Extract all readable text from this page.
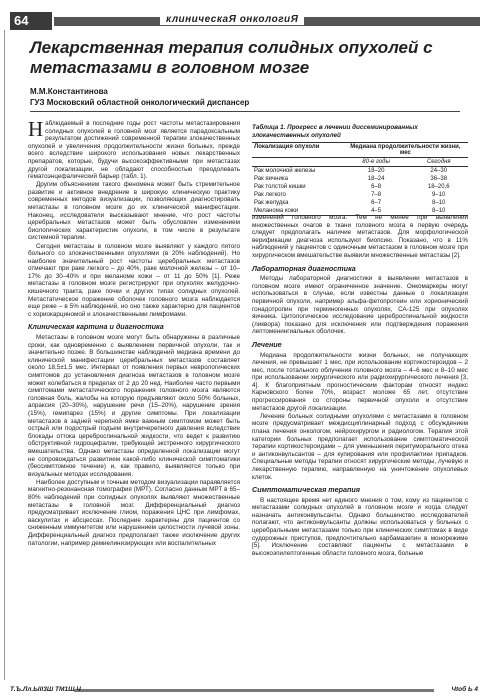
64	клиническаЯ онкологиЯ
Лекарственная терапия солидных опухолей с метастазами в головном мозге
М.М.Константинова
ГУЗ Московский областной онкологический диспансер

Наблюдаемый в последние годы рост частоты метастазирования солидных опухолей в головной мозг является парадоксальным результатом достижений современной терапии злокачественных опухолей и увеличения продолжительности жизни больных, прежде всего вследствие широкого использования новых лекарственных препаратов, которые, будучи высокоэффективными при метастазах другой локализации, не обладают способностью преодолевать гематоэнцефалический барьер (табл. 1).

Другим объяснением такого феномена может быть стремительное развитие и активное внедрение в широкую клиническую практику современных методов визуализации, позволяющих диагностировать метастазы в головном мозге до их клинической манифестации. Наконец, исследователи высказывают мнение, что рост частоты церебральных метастазов может быть обусловлен изменением биологических характеристик опухоли, в том числе в результате системной терапии.

Сегодня метастазы в головном мозге выявляют у каждого пятого больного со злокачественными опухолями (в 20% наблюдений). Но наиболее значительный рост частоты церебральных метастазов отмечают при раке легкого – до 40%, раке молочной железы – от 10–17% до 30–40% и при меланоме кожи – от 11 до 50% [1]. Реже метастазы в головном мозге регистрируют при опухолях желудочно-кишечного тракта, раке почки и других типах солидных опухолей. Метастатическое поражение оболочек головного мозга наблюдается еще реже – в 5% наблюдений, но оно также характерно для пациентов с хориокарциномой и злокачественными лимфомами.

Клиническая картина и диагностика

Метастазы в головном мозге могут быть обнаружены в различные сроки, как одновременно с выявлением первичной опухоли, так и значительно позже. В большинстве наблюдений медиана времени до клинической манифестации церебральных метастазов составляет около 18,5±1,5 мес. Интервал от появления первых неврологических симптомов до установления диагноза метастазов в головном мозге может колебаться в пределах от 2 до 20 нед. Наиболее часто первыми симптомами метастатического поражения головного мозга являются головная боль, жалобы на которую предъявляют около 50% больных, апраксия (20–30%), нарушение речи (15–20%), нарушение зрения (15%), гемипарез (15%) и другие симптомы. При локализации метастазов в задней черепной ямке важным симптомом может быть острый или подострый подъем внутричерепного давления вследствие блокады оттока цереброспинальной жидкости, что ведет к развитию обструктивной гидроцефалии, требующей экстренного хирургического вмешательства. Однако метастазы определенной локализации могут не сопровождаться развитием какой-либо клинической симптоматики (бессимптомное течение) и, как правило, выявляются только при визуальных методах исследования.

Наиболее доступным и точным методом визуализации параявляется магнитно-резонансная томография (МРТ). Согласно данным МРТ в 65–80% наблюдений при солидных опухолях выявляют множественные метастазы в головной мозг. Дифференциальный диагноз предусматривает исключение глиом, поражения ЦНС при лимфомах, васкулитах и абсцессах. Последние характерны для пациентов со сниженным иммунитетом или нарушением целостности лучевой зоны. Дифференциальный диагноз предполагает также исключение других патологии, например демиелинизирующих или воспалительных

Таблица 1. Прогресс в лечении диссеминированных злокачественных опухолей
Локализация опухоли	Медиана продолжительности жизни, мес	
	80-е годы	Сегодня
Рак молочной железы	18–20	24–30
Рак яичника	18–24	36–38
Рак толстой кишки	6–8	18–20,6
Рак легкого	7–8	9–10
Рак желудка	6–7	8–10
Меланома кожи	4–5	8–10

изменений головного мозга. Тем не менее при выявлении множественных очагов в ткани головного мозга в первую очередь следует предполагать наличие метастазов. Для морфологической верификации диагноза используют биопсию. Показано, что в 11% наблюдений у пациентов с одиночным метастазом в головном мозге при хирургическом вмешательстве выявили множественные метастазы [2].

Лабораторная диагностика

Методы лабораторной диагностики в выявлении метастазов в головном мозге имеют ограниченное значение. Онкомаркеры могут использоваться в случае, если известны данные о локализации первичной опухоли, например альфа-фетопротеин или хорионический гонадотропин при герминогенных опухолях, СА-125 при опухолях яичника. Цитологическое исследование цереброспинальной жидкости (ликвора) показано для исключения или подтверждения поражения лептоменингиальных оболочек.

Лечение

Медиана продолжительности жизни больных, не получающих лечения, не превышает 1 мес, при использовании кортикостероидов – 2 мес, после тотального облучения головного мозга – 4–6 мес и 8–10 мес при использовании хирургического или радиохирургического лечения [3, 4]. К благоприятным прогностическим факторам относят индекс Карновского более 70%, возраст моложе 65 лет, отсутствие прогрессирования со стороны первичной опухоли и отсутствие метастазов другой локализации.

Лечение больных солидными опухолями с метастазами в головном мозге предусматривает междисциплинарный подход с обсуждением плана лечения онкологом, нейрохирургом и радиологом. Терапия этой категории больных предполагает использование симптоматической терапии кортикостероидами – для уменьшения перитуморального отека и антиконвульсантов – для купирования или профилактики припадков. Специальные методы терапии относят хирургические методы, лучевую и лекарственную терапию, направленную на уничтожение опухолевых клеток.

Симптоматическая терапия

В настоящее время нет единого мнения о том, кому из пациентов с метастазами солидных опухолей в головном мозге и когда следует назначать антиконвульсанты. Однако большинство исследователей полагают, что антиконвульсанты должны использоваться у больных с церебральными метастазами только при клинических симптомах в виде судорожных приступов, предпочтительно карбамазепин в монорежиме [5]. Исключение составляют пациенты с метастазами в высокоэпилептогенные области головного мозга, больные

Т.Ъ.Лл.Ьlll3Ш ТМ1Ш Ч	Чtоб Ь 4
